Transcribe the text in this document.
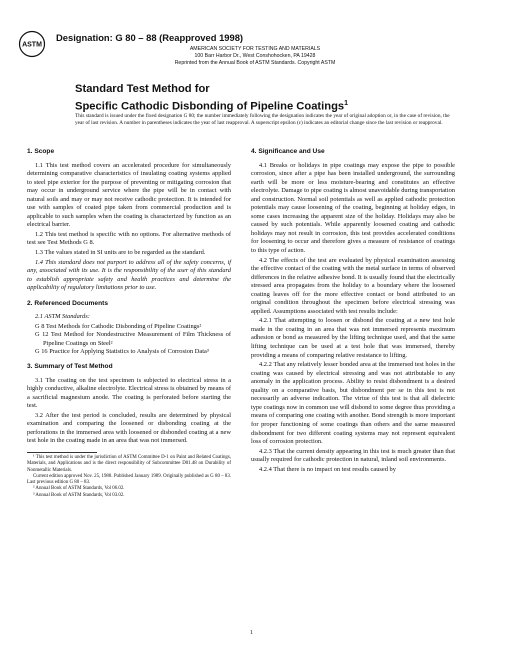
ASTM
Designation: G 80 – 88 (Reapproved 1998)
AMERICAN SOCIETY FOR TESTING AND MATERIALS
100 Barr Harbor Dr., West Conshohocken, PA 19428
Reprinted from the Annual Book of ASTM Standards. Copyright ASTM
Standard Test Method for
Specific Cathodic Disbonding of Pipeline Coatings$^1$
This standard is issued under the fixed designation G 80; the number immediately following the designation indicates the year of original adoption or, in the case of revision, the year of last revision. A number in parentheses indicates the year of last reapproval. A superscript epsilon (ε) indicates an editorial change since the last revision or reapproval.
1. Scope

1.1 This test method covers an accelerated procedure for simultaneously determining comparative characteristics of insulating coating systems applied to steel pipe exterior for the purpose of preventing or mitigating corrosion that may occur in underground service where the pipe will be in contact with natural soils and may or may not receive cathodic protection. It is intended for use with samples of coated pipe taken from commercial production and is applicable to such samples when the coating is characterized by function as an electrical barrier.

1.2 This test method is specific with no options. For alternative methods of test see Test Methods G 8.

1.3 The values stated in SI units are to be regarded as the standard.

1.4 This standard does not purport to address all of the safety concerns, if any, associated with its use. It is the responsibility of the user of this standard to establish appropriate safety and health practices and determine the applicability of regulatory limitations prior to use.

2. Referenced Documents

2.1 ASTM Standards:

G 8 Test Methods for Cathodic Disbonding of Pipeline Coatings²

G 12 Test Method for Nondestructive Measurement of Film Thickness of Pipeline Coatings on Steel²

G 16 Practice for Applying Statistics to Analysis of Corrosion Data³

3. Summary of Test Method

3.1 The coating on the test specimen is subjected to electrical stress in a highly conductive, alkaline electrolyte. Electrical stress is obtained by means of a sacrificial magnesium anode. The coating is perforated before starting the test.

3.2 After the test period is concluded, results are determined by physical examination and comparing the loosened or disbonding coating at the perforations in the immersed area with loosened or disbonded coating at a new test hole in the coating made in an area that was not immersed.

¹ This test method is under the jurisdiction of ASTM Committee D-1 on Paint and Related Coatings, Materials, and Applications and is the direct responsibility of Subcommittee D01.48 on Durability of Nonmetallic Materials.

Current edition approved Nov. 25, 1988. Published January 1989. Originally published as G 80 – 83. Last previous edition G 80 – 83.

² Annual Book of ASTM Standards, Vol 06.02.

³ Annual Book of ASTM Standards, Vol 03.02.

4. Significance and Use

4.1 Breaks or holidays in pipe coatings may expose the pipe to possible corrosion, since after a pipe has been installed underground, the surrounding earth will be more or less moisture-bearing and constitutes an effective electrolyte. Damage to pipe coating is almost unavoidable during transportation and construction. Normal soil potentials as well as applied cathodic protection potentials may cause loosening of the coating, beginning at holiday edges, in some cases increasing the apparent size of the holiday. Holidays may also be caused by such potentials. While apparently loosened coating and cathodic holidays may not result in corrosion, this test provides accelerated conditions for loosening to occur and therefore gives a measure of resistance of coatings to this type of action.

4.2 The effects of the test are evaluated by physical examination assessing the effective contact of the coating with the metal surface in terms of observed differences in the relative adhesive bond. It is usually found that the electrically stressed area propagates from the holiday to a boundary where the loosened coating leaves off for the more effective contact or bond attributed to an original condition throughout the specimen before electrical stressing was applied. Assumptions associated with test results include:

4.2.1 That attempting to loosen or disbond the coating at a new test hole made in the coating in an area that was not immersed represents maximum adhesion or bond as measured by the lifting technique used, and that the same lifting technique can be used at a test hole that was immersed, thereby providing a means of comparing relative resistance to lifting.

4.2.2 That any relatively lesser bonded area at the immersed test holes in the coating was caused by electrical stressing and was not attributable to any anomaly in the application process. Ability to resist disbondment is a desired quality on a comparative basis, but disbondment per se in this test is not necessarily an adverse indication. The virtue of this test is that all dielectric type coatings now in common use will disbond to some degree thus providing a means of comparing one coating with another. Bond strength is more important for proper functioning of some coatings than others and the same measured disbondment for two different coating systems may not represent equivalent loss of corrosion protection.

4.2.3 That the current density appearing in this test is much greater than that usually required for cathodic protection in natural, inland soil environments.

4.2.4 That there is no impact on test results caused by

1
